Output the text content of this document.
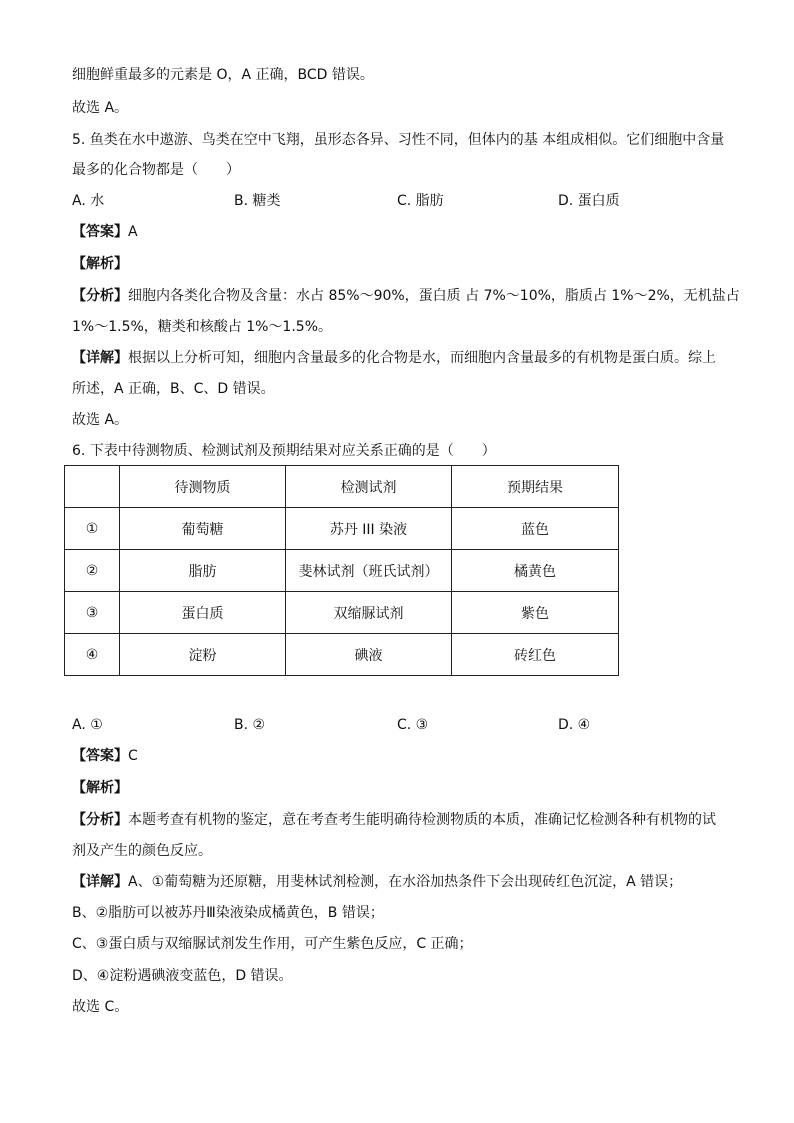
细胞鲜重最多的元素是 O，A 正确，BCD 错误。
故选 A。
5. 鱼类在水中遨游、鸟类在空中飞翔，虽形态各异、习性不同，但体内的基 本组成相似。它们细胞中含量
最多的化合物都是（　　）
A. 水	B. 糖类	C. 脂肪	D. 蛋白质
【答案】A
【解析】
【分析】细胞内各类化合物及含量：水占 85%～90%，蛋白质 占 7%～10%，脂质占 1%～2%，无机盐占
1%～1.5%，糖类和核酸占 1%～1.5%。
【详解】根据以上分析可知，细胞内含量最多的化合物是水，而细胞内含量最多的有机物是蛋白质。综上
所述，A 正确，B、C、D 错误。
故选 A。
6. 下表中待测物质、检测试剂及预期结果对应关系正确的是（　　）
	待测物质	检测试剂	预期结果
①	葡萄糖	苏丹 III 染液	蓝色
②	脂肪	斐林试剂（班氏试剂）	橘黄色
③	蛋白质	双缩脲试剂	紫色
④	淀粉	碘液	砖红色
A. ①	B. ②	C. ③	D. ④
【答案】C
【解析】
【分析】本题考查有机物的鉴定，意在考查考生能明确待检测物质的本质，准确记忆检测各种有机物的试
剂及产生的颜色反应。
【详解】A、①葡萄糖为还原糖，用斐林试剂检测，在水浴加热条件下会出现砖红色沉淀，A 错误；
B、②脂肪可以被苏丹Ⅲ染液染成橘黄色，B 错误；
C、③蛋白质与双缩脲试剂发生作用，可产生紫色反应，C 正确；
D、④淀粉遇碘液变蓝色，D 错误。
故选 C。
